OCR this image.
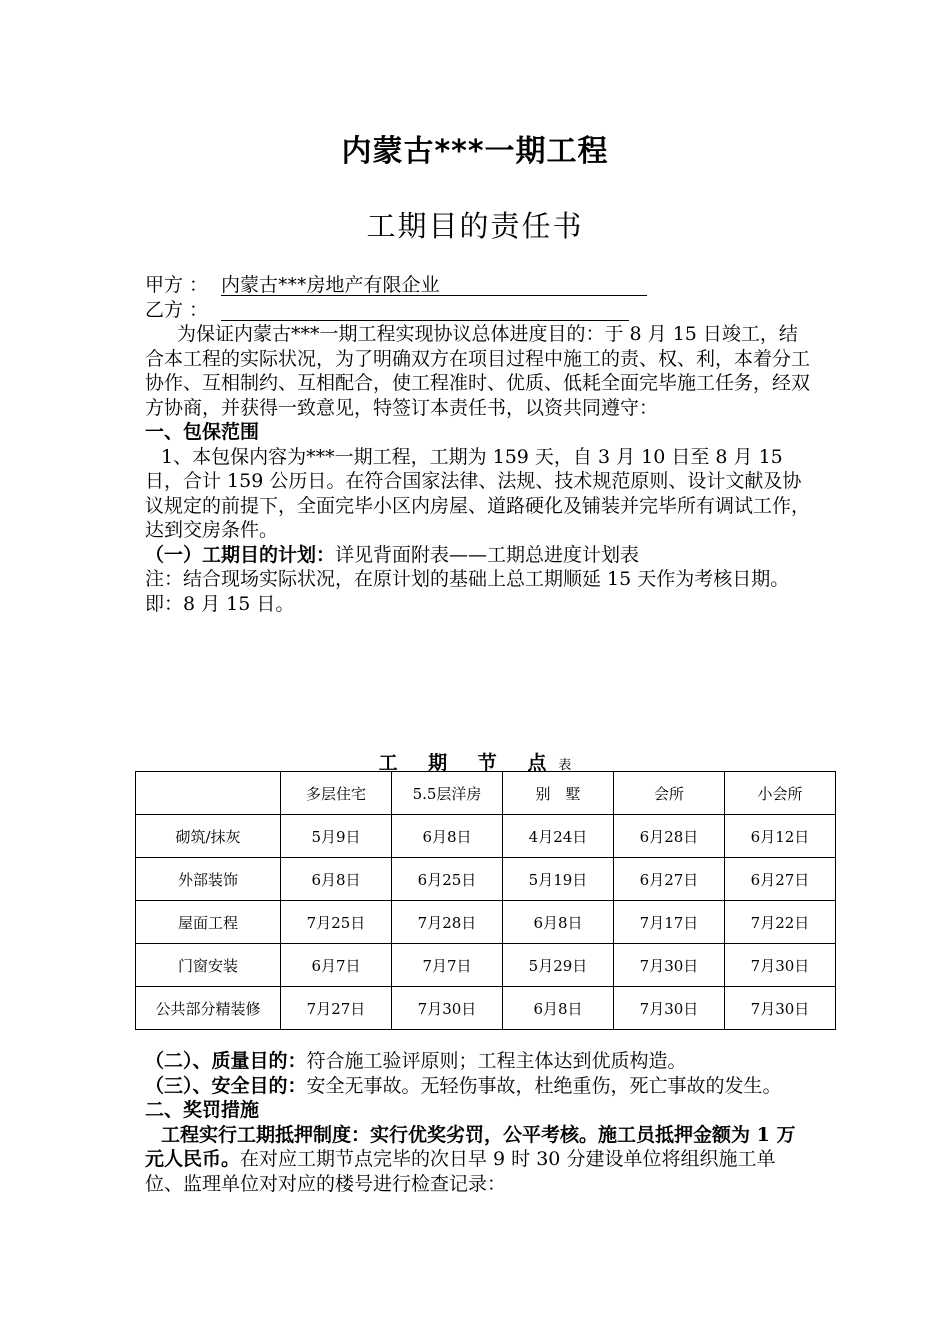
内蒙古***一期工程
工期目的责任书
甲方 ： 内蒙古***房地产有限企业
乙方 ：

为保证内蒙古***一期工程实现协议总体进度目的：于 8 月 15 日竣工，结合本工程的实际状况，为了明确双方在项目过程中施工的责、权、利，本着分工协作、互相制约、互相配合，使工程准时、优质、低耗全面完毕施工任务，经双方协商，并获得一致意见，特签订本责任书，以资共同遵守：

一、包保范围

1、本包保内容为***一期工程，工期为 159 天，自 3 月 10 日至 8 月 15 日，合计 159 公历日。在符合国家法律、法规、技术规范原则、设计文献及协议规定的前提下，全面完毕小区内房屋、道路硬化及铺装并完毕所有调试工作，达到交房条件。

（一）工期目的计划：详见背面附表——工期总进度计划表

注：结合现场实际状况，在原计划的基础上总工期顺延 15 天作为考核日期。即：8 月 15 日。

工 期 节 点表
	多层住宅	5.5层洋房	别　墅	会所	小会所
砌筑/抹灰	5月9日	6月8日	4月24日	6月28日	6月12日
外部装饰	6月8日	6月25日	5月19日	6月27日	6月27日
屋面工程	7月25日	7月28日	6月8日	7月17日	7月22日
门窗安装	6月7日	7月7日	5月29日	7月30日	7月30日
公共部分精装修	7月27日	7月30日	6月8日	7月30日	7月30日

（二）、质量目的：符合施工验评原则；工程主体达到优质构造。

（三）、安全目的：安全无事故。无轻伤事故，杜绝重伤，死亡事故的发生。

二、奖罚措施

工程实行工期抵押制度：实行优奖劣罚，公平考核。施工员抵押金额为 1 万元人民币。在对应工期节点完毕的次日早 9 时 30 分建设单位将组织施工单位、监理单位对对应的楼号进行检查记录：
